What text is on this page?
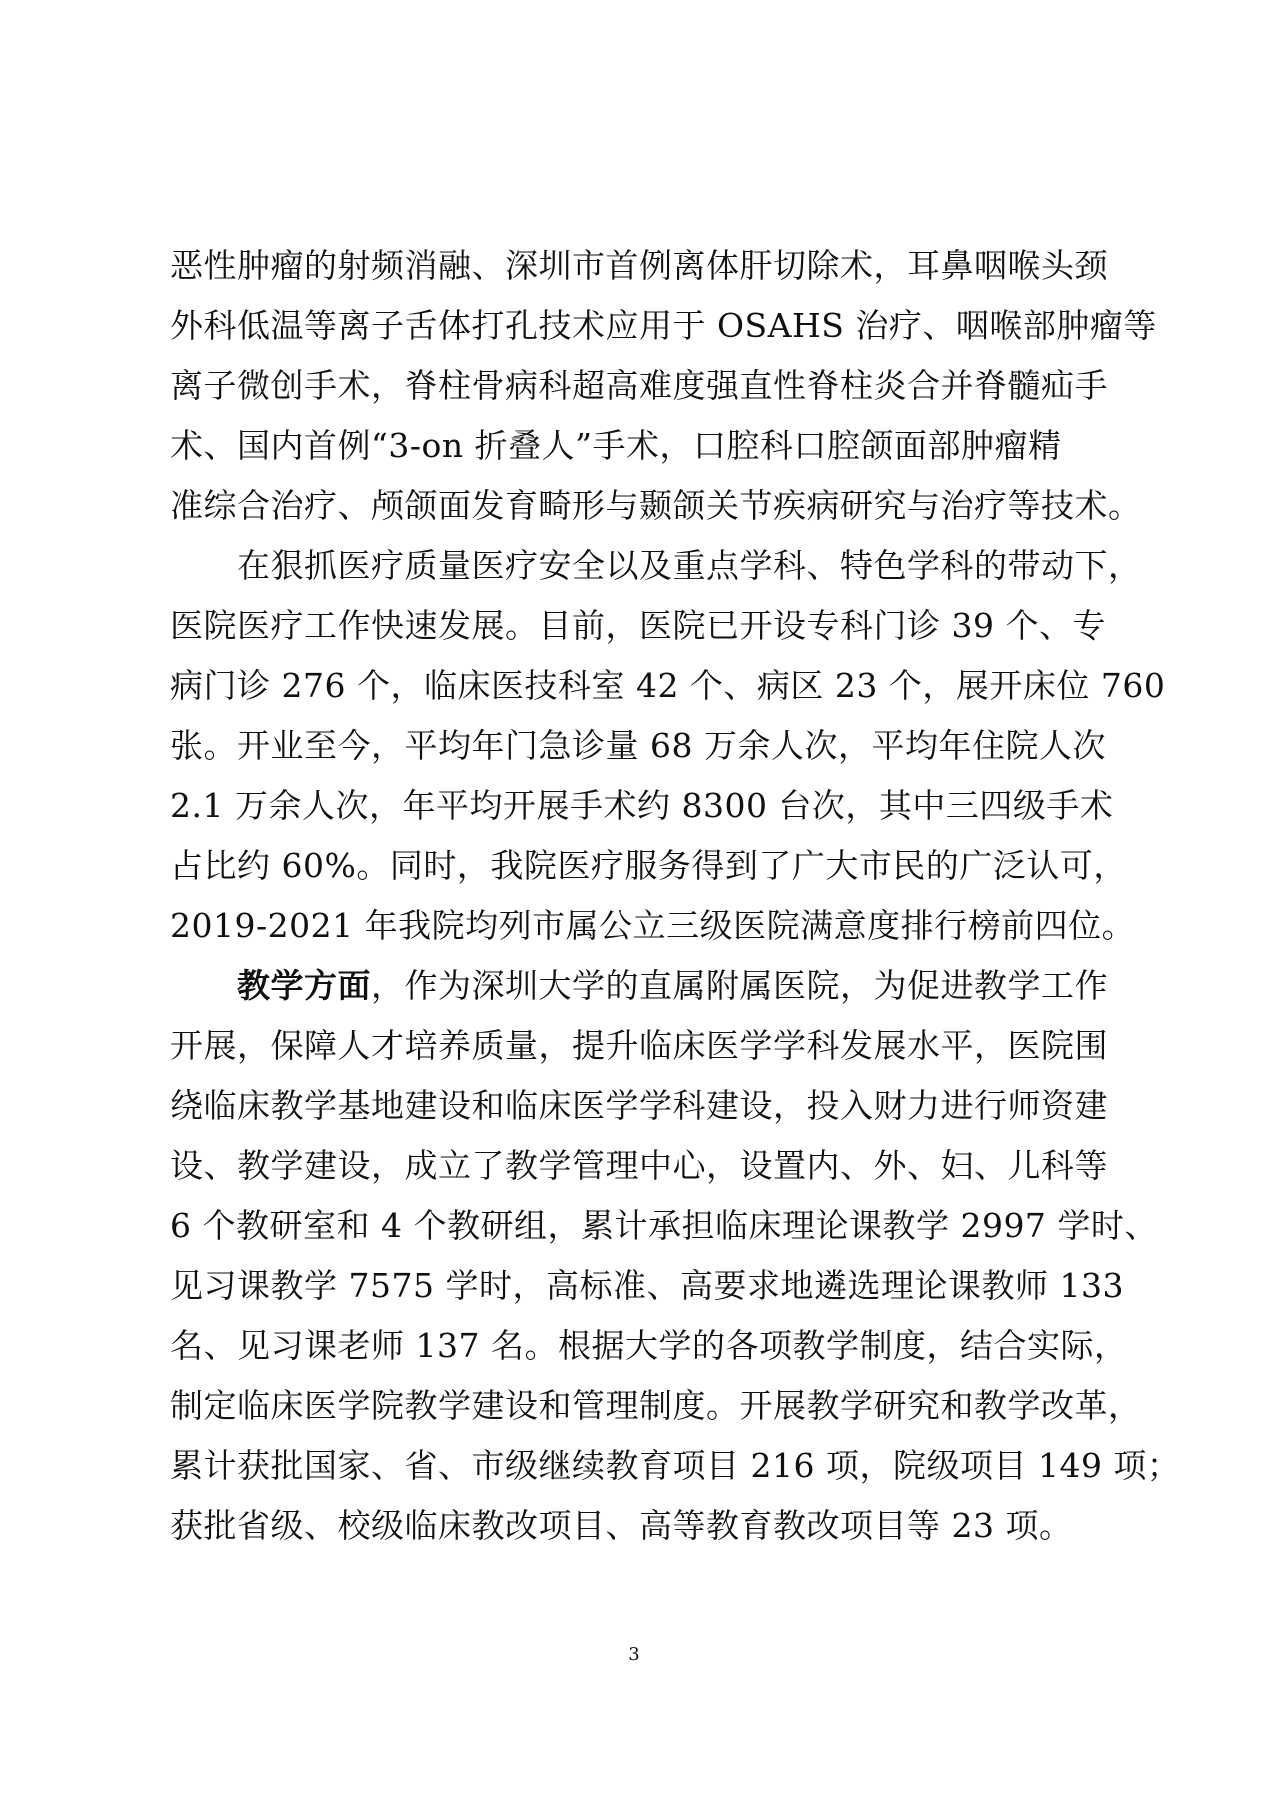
恶性肿瘤的射频消融、深圳市首例离体肝切除术，耳鼻咽喉头颈
外科低温等离子舌体打孔技术应用于 OSAHS 治疗、咽喉部肿瘤等
离子微创手术，脊柱骨病科超高难度强直性脊柱炎合并脊髓疝手
术、国内首例“3-on 折叠人”手术，口腔科口腔颌面部肿瘤精
准综合治疗、颅颌面发育畸形与颞颌关节疾病研究与治疗等技术。
在狠抓医疗质量医疗安全以及重点学科、特色学科的带动下，
医院医疗工作快速发展。目前，医院已开设专科门诊 39 个、专
病门诊 276 个，临床医技科室 42 个、病区 23 个，展开床位 760
张。开业至今，平均年门急诊量 68 万余人次，平均年住院人次
2.1 万余人次，年平均开展手术约 8300 台次，其中三四级手术
占比约 60%。同时，我院医疗服务得到了广大市民的广泛认可，
2019-2021 年我院均列市属公立三级医院满意度排行榜前四位。
教学方面，作为深圳大学的直属附属医院，为促进教学工作
开展，保障人才培养质量，提升临床医学学科发展水平，医院围
绕临床教学基地建设和临床医学学科建设，投入财力进行师资建
设、教学建设，成立了教学管理中心，设置内、外、妇、儿科等
6 个教研室和 4 个教研组，累计承担临床理论课教学 2997 学时、
见习课教学 7575 学时，高标准、高要求地遴选理论课教师 133
名、见习课老师 137 名。根据大学的各项教学制度，结合实际，
制定临床医学院教学建设和管理制度。开展教学研究和教学改革，
累计获批国家、省、市级继续教育项目 216 项，院级项目 149 项；
获批省级、校级临床教改项目、高等教育教改项目等 23 项。
3
